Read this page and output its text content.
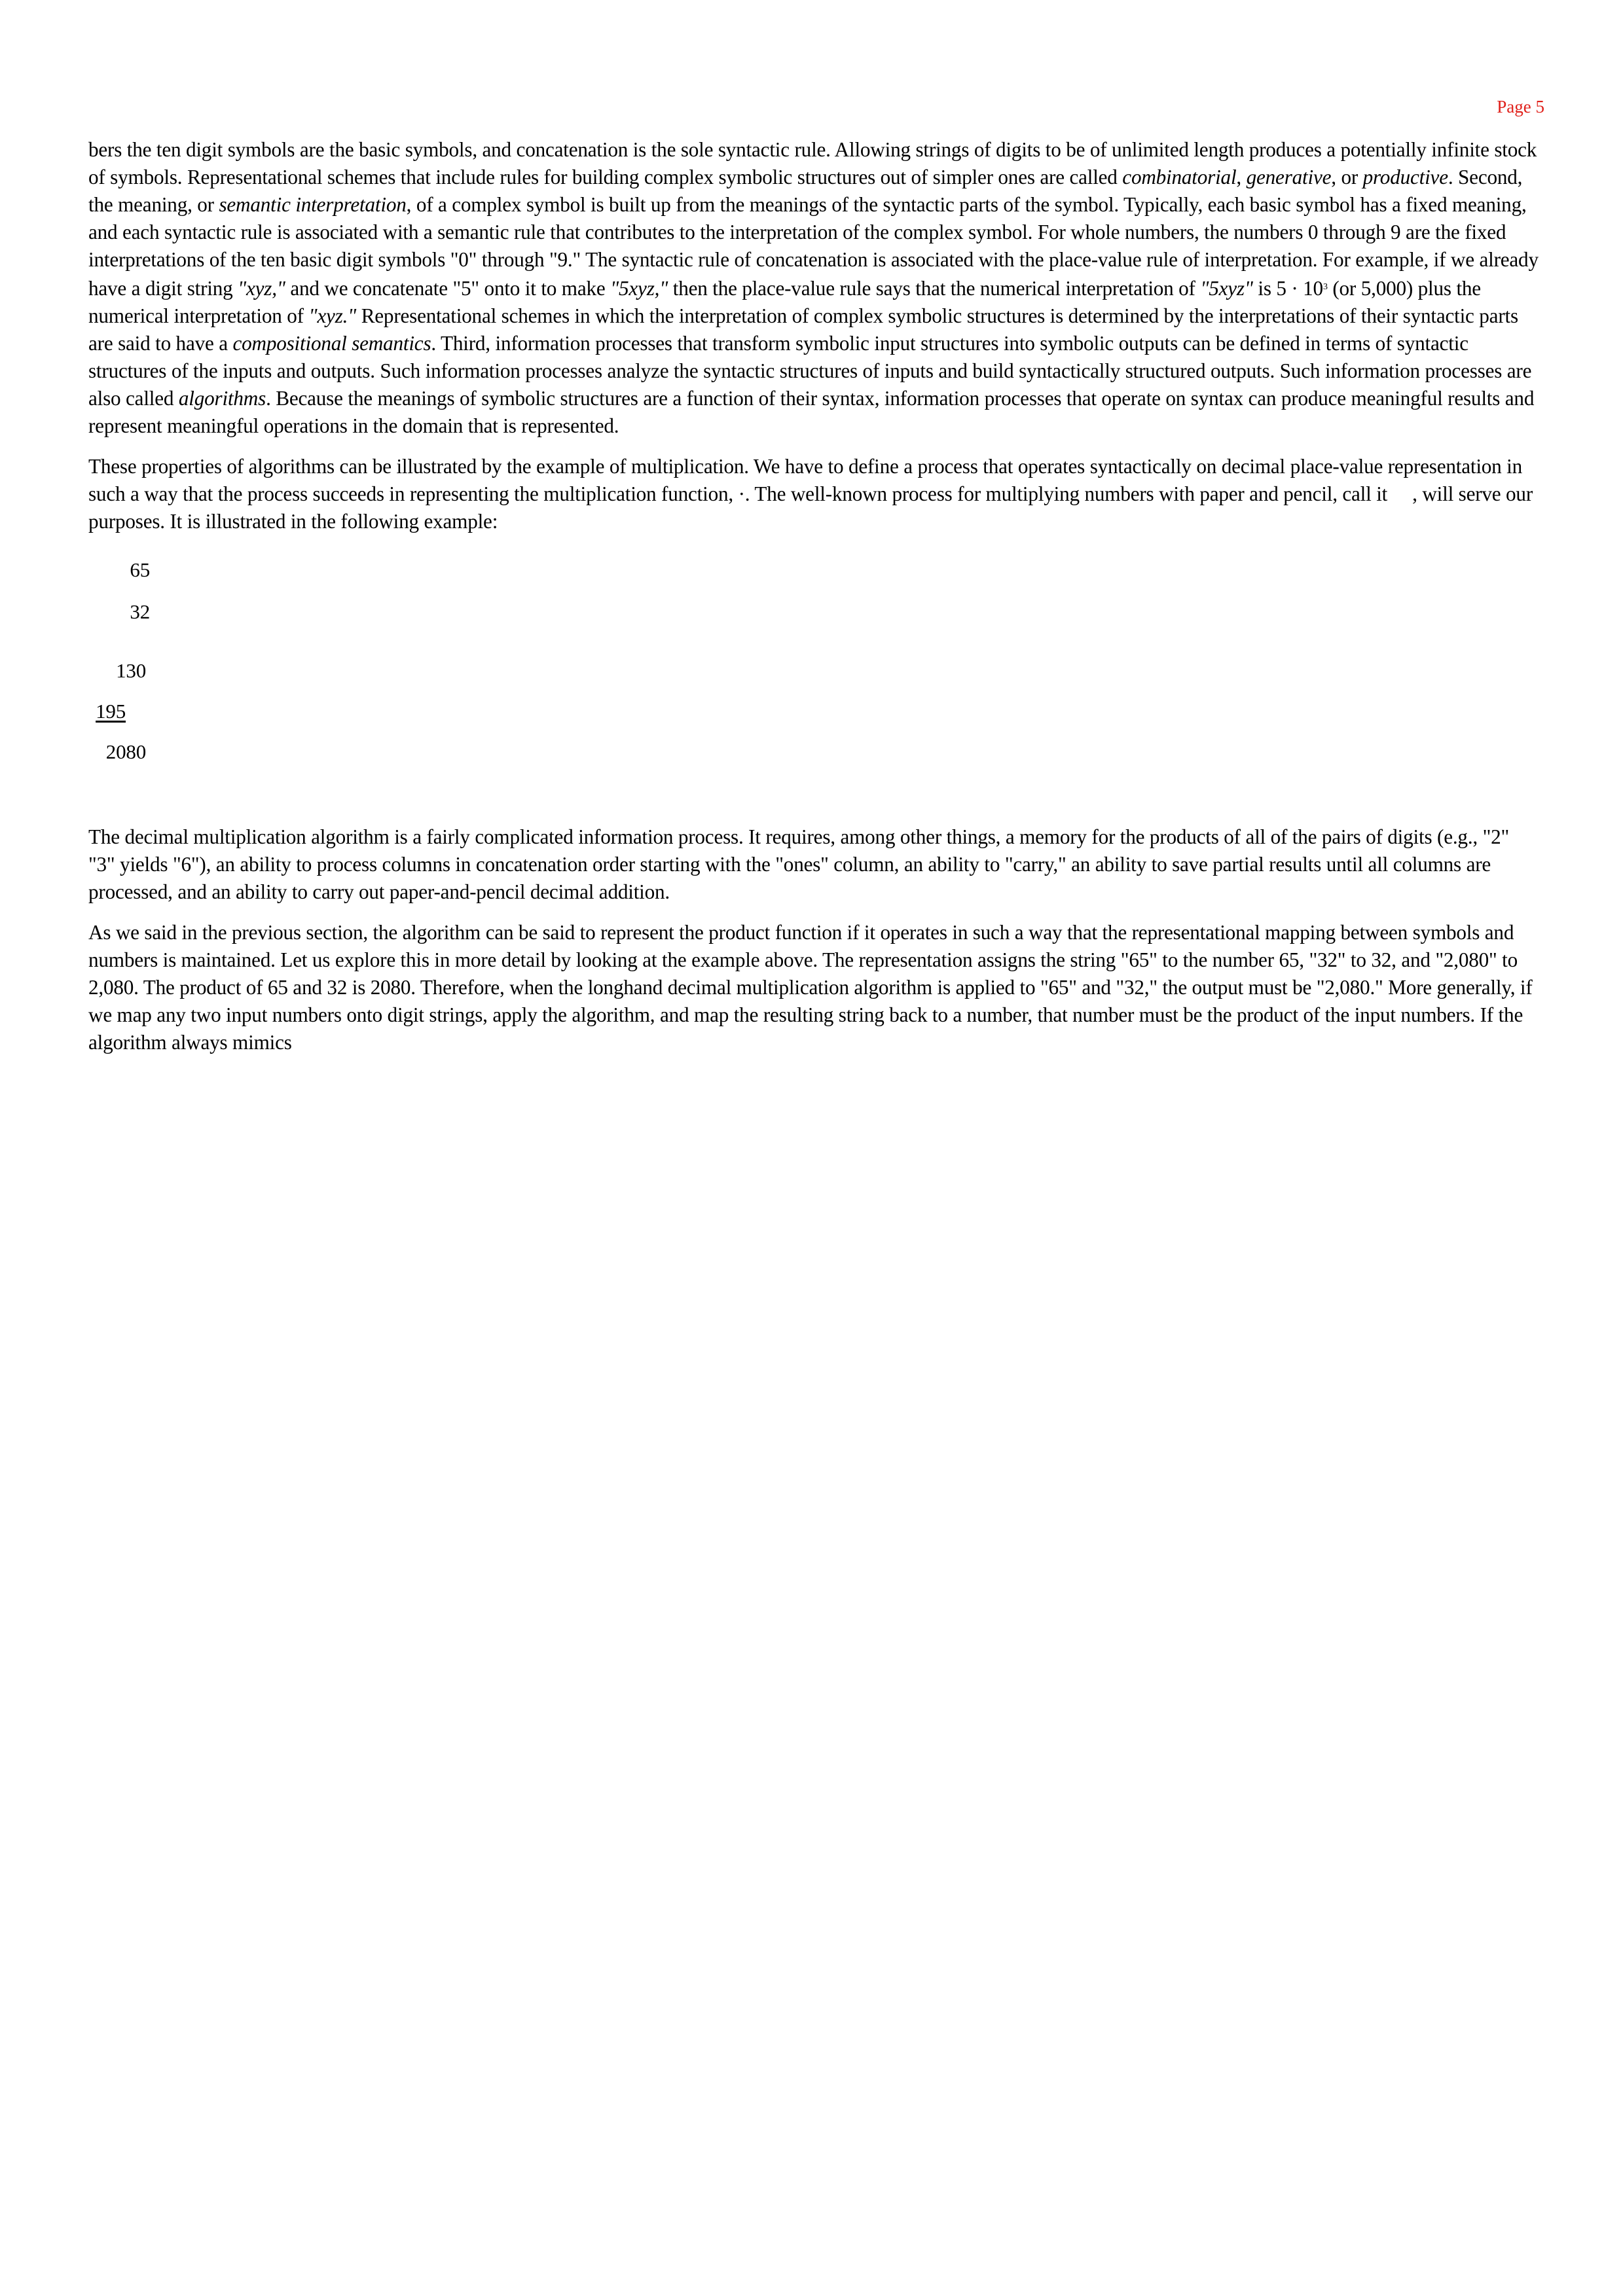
Page 5

bers the ten digit symbols are the basic symbols, and concatenation is the sole syntactic rule. Allowing strings of digits to be of unlimited length produces a potentially infinite stock of symbols. Representational schemes that include rules for building complex symbolic structures out of simpler ones are called combinatorial, generative, or productive. Second, the meaning, or semantic interpretation, of a complex symbol is built up from the meanings of the syntactic parts of the symbol. Typically, each basic symbol has a fixed meaning, and each syntactic rule is associated with a semantic rule that contributes to the interpretation of the complex symbol. For whole numbers, the numbers 0 through 9 are the fixed interpretations of the ten basic digit symbols "0" through "9." The syntactic rule of concatenation is associated with the place-value rule of interpretation. For example, if we already have a digit string "xyz," and we concatenate "5" onto it to make "5xyz," then the place-value rule says that the numerical interpretation of "5xyz" is $5 \cdot 10^3$ (or 5,000) plus the numerical interpretation of "xyz." Representational schemes in which the interpretation of complex symbolic structures is determined by the interpretations of their syntactic parts are said to have a compositional semantics. Third, information processes that transform symbolic input structures into symbolic outputs can be defined in terms of syntactic structures of the inputs and outputs. Such information processes analyze the syntactic structures of inputs and build syntactically structured outputs. Such information processes are also called algorithms. Because the meanings of symbolic structures are a function of their syntax, information processes that operate on syntax can produce meaningful results and represent meaningful operations in the domain that is represented.

These properties of algorithms can be illustrated by the example of multiplication. We have to define a process that operates syntactically on decimal place-value representation in such a way that the process succeeds in representing the multiplication function, ·. The well-known process for multiplying numbers with paper and pencil, call it     , will serve our purposes. It is illustrated in the following example:

65
32
130
195
2080

The decimal multiplication algorithm is a fairly complicated information process. It requires, among other things, a memory for the products of all of the pairs of digits (e.g., "2"      "3" yields "6"), an ability to process columns in concatenation order starting with the "ones" column, an ability to "carry," an ability to save partial results until all columns are processed, and an ability to carry out paper-and-pencil decimal addition.

As we said in the previous section, the algorithm can be said to represent the product function if it operates in such a way that the representational mapping between symbols and numbers is maintained. Let us explore this in more detail by looking at the example above. The representation assigns the string "65" to the number 65, "32" to 32, and "2,080" to 2,080. The product of 65 and 32 is 2080. Therefore, when the longhand decimal multiplication algorithm is applied to "65" and "32," the output must be "2,080." More generally, if we map any two input numbers onto digit strings, apply the algorithm, and map the resulting string back to a number, that number must be the product of the input numbers. If the algorithm always mimics
